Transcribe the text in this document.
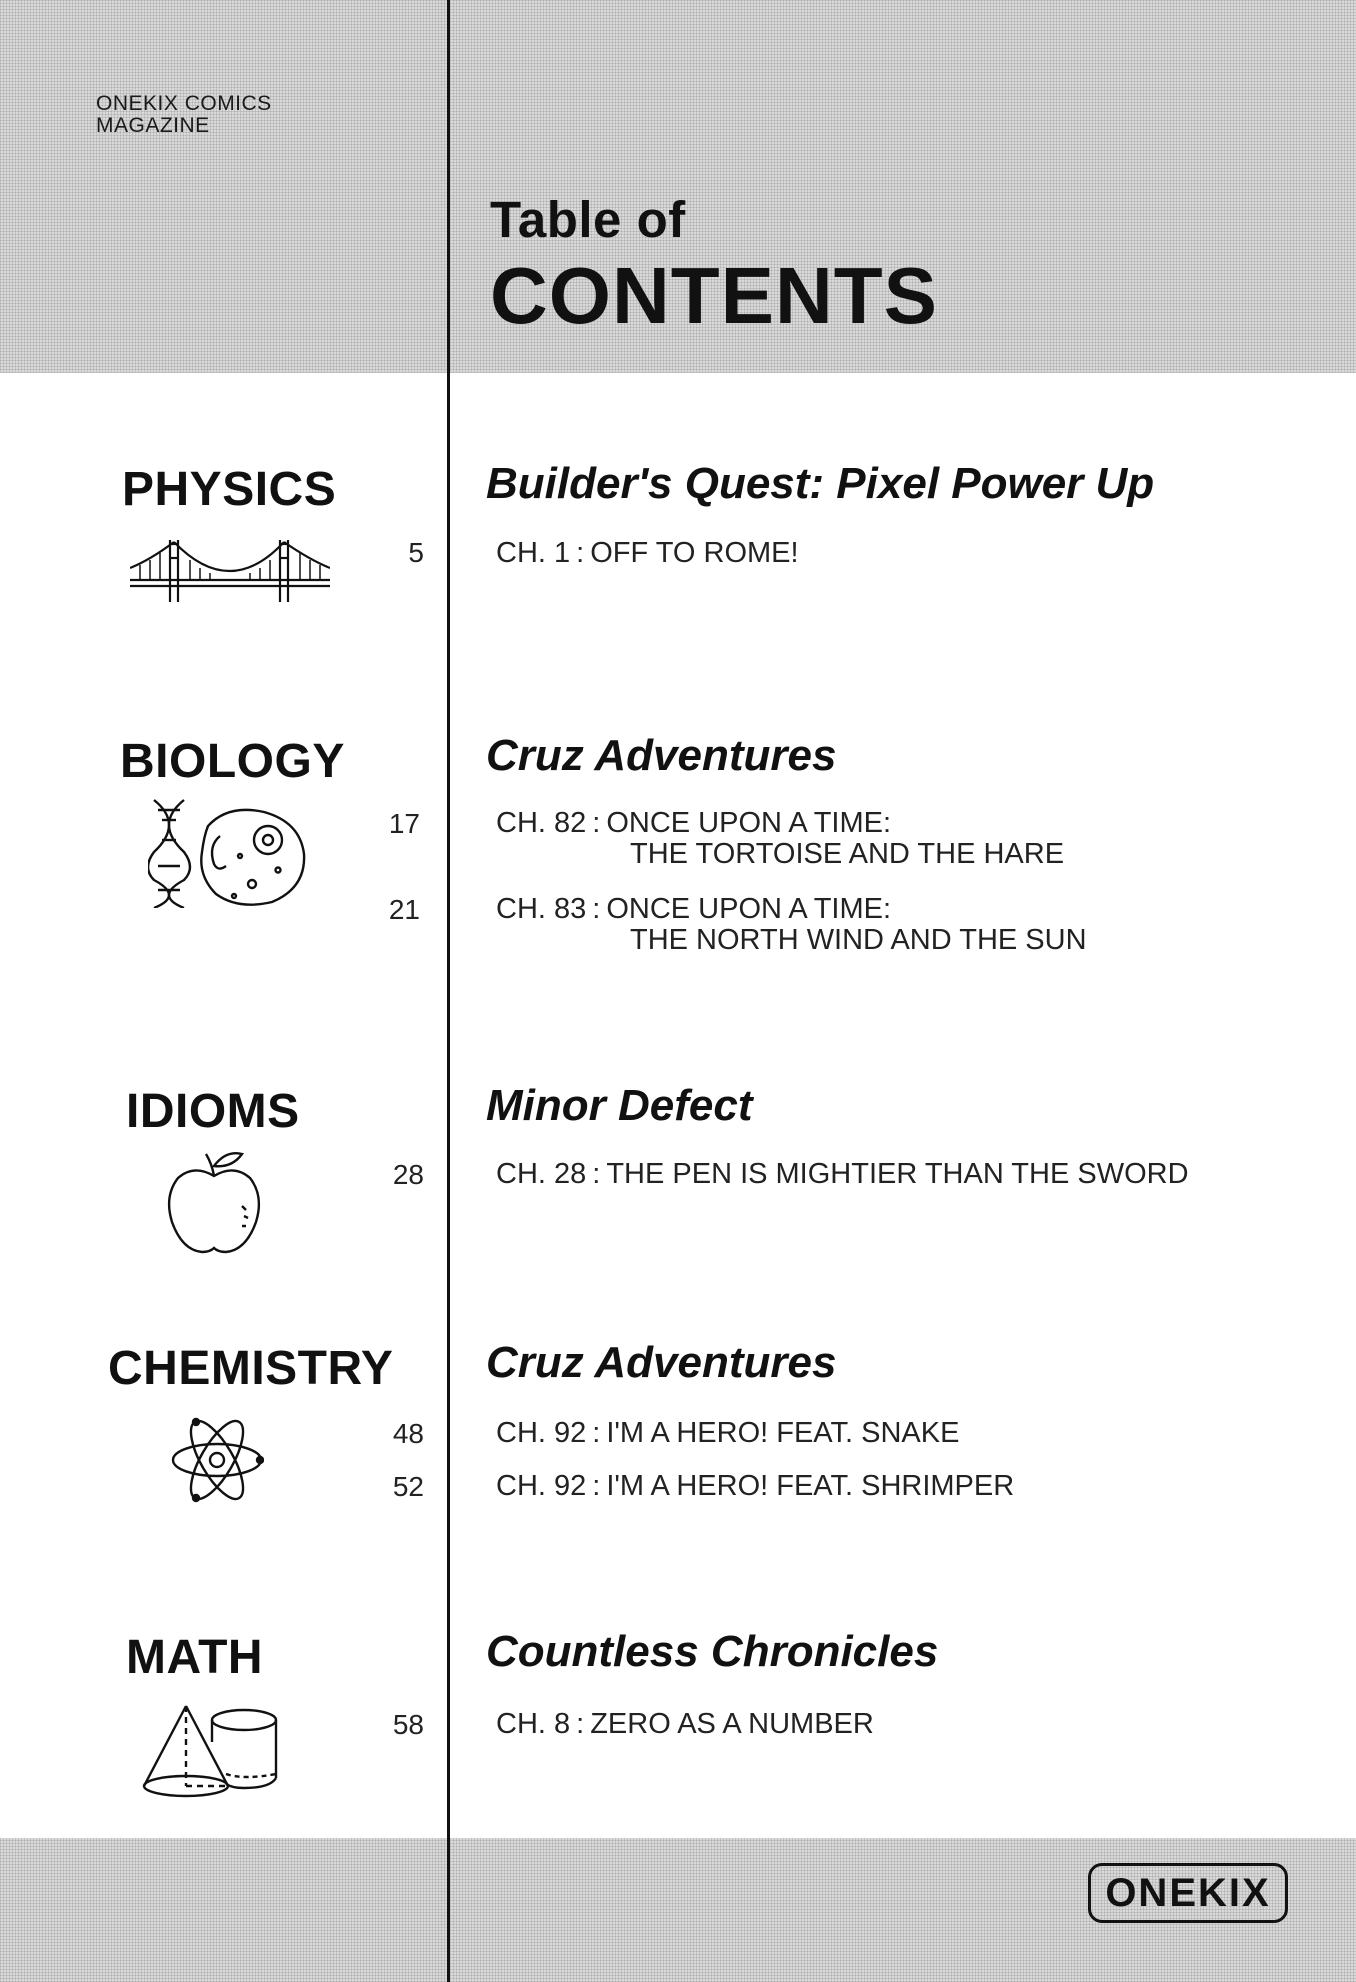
ONEKIX COMICS
MAGAZINE
Table of
CONTENTS
PHYSICS
5
Builder's Quest: Pixel Power Up
CH. 1 : OFF TO ROME!
BIOLOGY
17
21
Cruz Adventures
CH. 82 : ONCE UPON A TIME:
THE TORTOISE AND THE HARE
CH. 83 : ONCE UPON A TIME:
THE NORTH WIND AND THE SUN
IDIOMS
28
Minor Defect
CH. 28 : THE PEN IS MIGHTIER THAN THE SWORD
CHEMISTRY
48
52
Cruz Adventures
CH. 92 : I'M A HERO! FEAT. SNAKE
CH. 92 : I'M A HERO! FEAT. SHRIMPER
MATH
58
Countless Chronicles
CH. 8 : ZERO AS A NUMBER
ONEKIX
